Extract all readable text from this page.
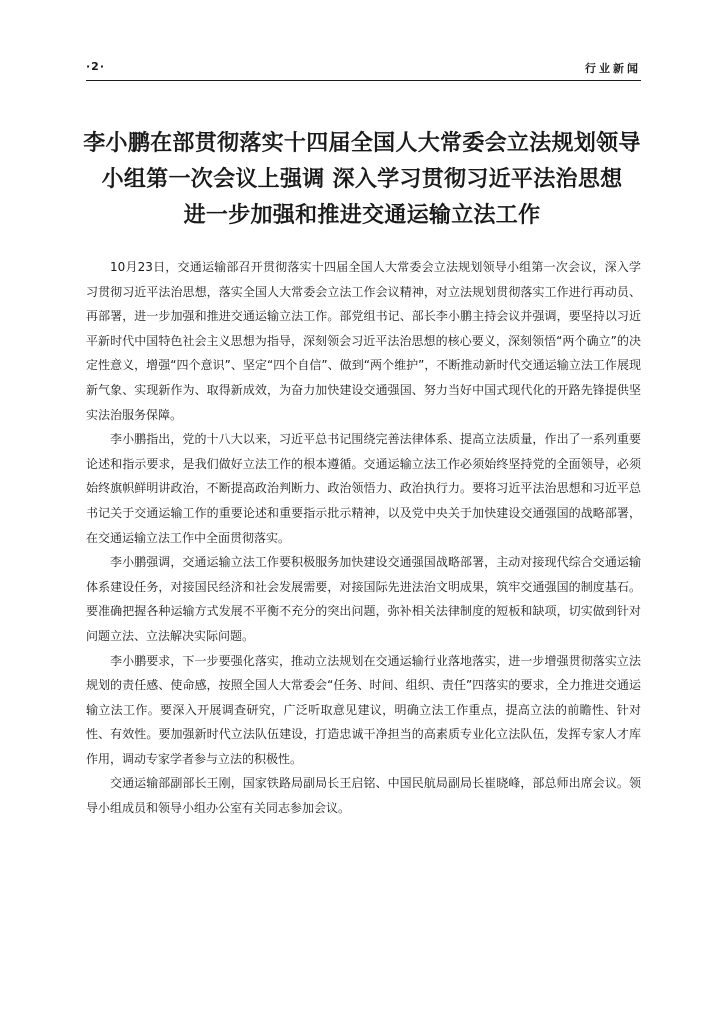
·2·	行业新闻
李小鹏在部贯彻落实十四届全国人大常委会立法规划领导
小组第一次会议上强调 深入学习贯彻习近平法治思想
进一步加强和推进交通运输立法工作

10月23日，交通运输部召开贯彻落实十四届全国人大常委会立法规划领导小组第一次会议，深入学习贯彻习近平法治思想，落实全国人大常委会立法工作会议精神，对立法规划贯彻落实工作进行再动员、再部署，进一步加强和推进交通运输立法工作。部党组书记、部长李小鹏主持会议并强调，要坚持以习近平新时代中国特色社会主义思想为指导，深刻领会习近平法治思想的核心要义，深刻领悟“两个确立”的决定性意义，增强“四个意识”、坚定“四个自信”、做到“两个维护”，不断推动新时代交通运输立法工作展现新气象、实现新作为、取得新成效，为奋力加快建设交通强国、努力当好中国式现代化的开路先锋提供坚实法治服务保障。

李小鹏指出，党的十八大以来，习近平总书记围绕完善法律体系、提高立法质量，作出了一系列重要论述和指示要求，是我们做好立法工作的根本遵循。交通运输立法工作必须始终坚持党的全面领导，必须始终旗帜鲜明讲政治，不断提高政治判断力、政治领悟力、政治执行力。要将习近平法治思想和习近平总书记关于交通运输工作的重要论述和重要指示批示精神，以及党中央关于加快建设交通强国的战略部署，在交通运输立法工作中全面贯彻落实。

李小鹏强调，交通运输立法工作要积极服务加快建设交通强国战略部署，主动对接现代综合交通运输体系建设任务，对接国民经济和社会发展需要，对接国际先进法治文明成果，筑牢交通强国的制度基石。要准确把握各种运输方式发展不平衡不充分的突出问题，弥补相关法律制度的短板和缺项，切实做到针对问题立法、立法解决实际问题。

李小鹏要求，下一步要强化落实，推动立法规划在交通运输行业落地落实，进一步增强贯彻落实立法规划的责任感、使命感，按照全国人大常委会“任务、时间、组织、责任”四落实的要求，全力推进交通运输立法工作。要深入开展调查研究，广泛听取意见建议，明确立法工作重点，提高立法的前瞻性、针对性、有效性。要加强新时代立法队伍建设，打造忠诚干净担当的高素质专业化立法队伍，发挥专家人才库作用，调动专家学者参与立法的积极性。

交通运输部副部长王刚，国家铁路局副局长王启铭、中国民航局副局长崔晓峰，部总师出席会议。领导小组成员和领导小组办公室有关同志参加会议。
